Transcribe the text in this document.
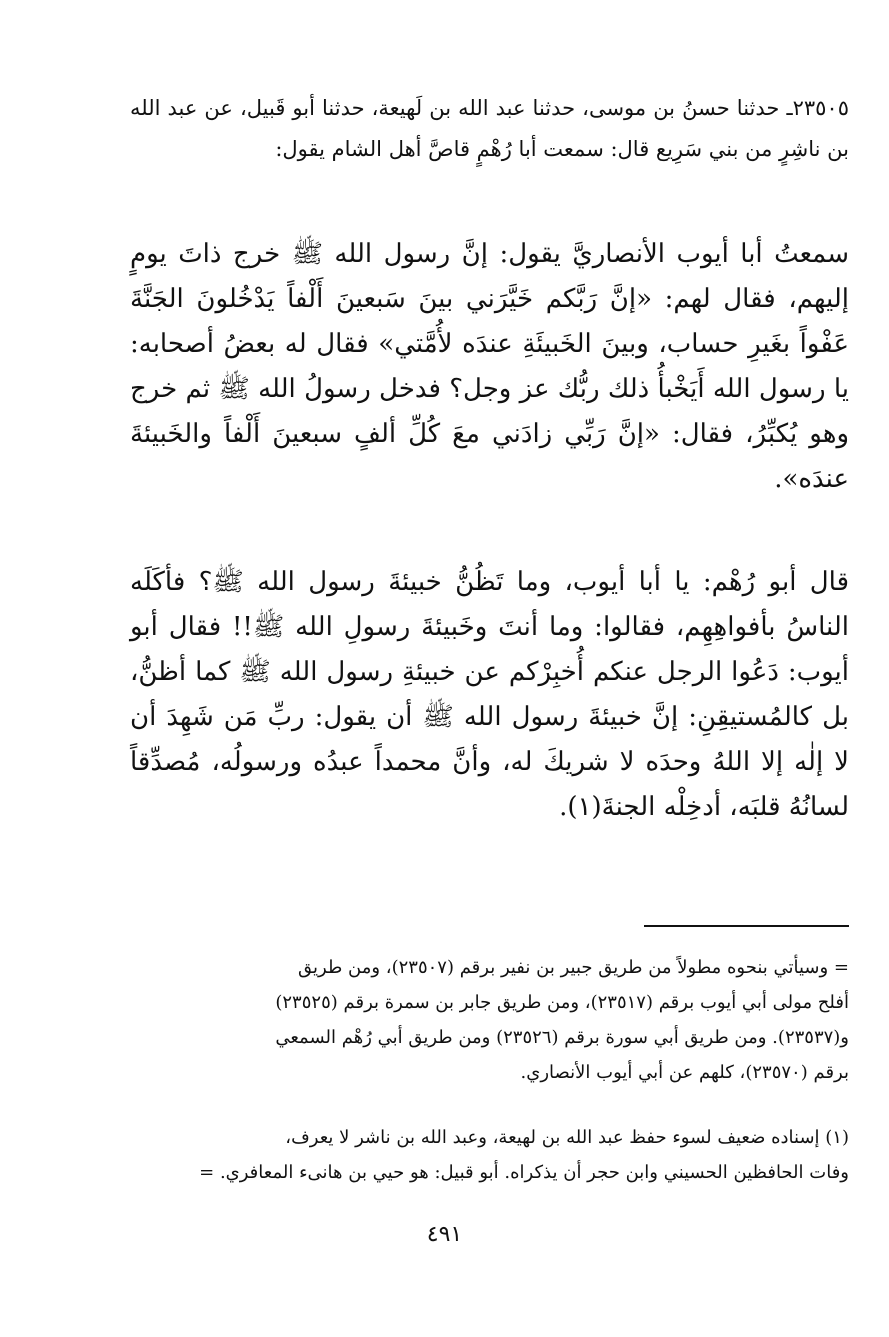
٢٣٥٠٥ـ حدثنا حسنُ بن موسى، حدثنا عبد الله بن لَهيعة، حدثنا أبو قَبيل، عن عبد الله بن ناشِرٍ من بني سَرِيع قال: سمعت أبا رُهْمٍ قاصَّ أهل الشام يقول:

سمعتُ أبا أيوب الأنصاريَّ يقول: إنَّ رسول الله ﷺ خرج ذاتَ يومٍ إليهم، فقال لهم: «إنَّ رَبَّكم خَيَّرَني بينَ سَبعينَ أَلْفاً يَدْخُلونَ الجَنَّةَ عَفْواً بغَيرِ حساب، وبينَ الخَبيئَةِ عندَه لأُمَّتي» فقال له بعضُ أصحابه: يا رسول الله أَيَخْبأُ ذلك ربُّك عز وجل؟ فدخل رسولُ الله ﷺ ثم خرج وهو يُكبِّرُ، فقال: «إنَّ رَبِّي زادَني معَ كُلِّ ألفٍ سبعينَ أَلْفاً والخَبيئةَ عندَه».

قال أبو رُهْم: يا أبا أيوب، وما تَظُنُّ خبيئةَ رسول الله ﷺ؟ فأكَلَه الناسُ بأفواهِهِم، فقالوا: وما أنتَ وخَبيئةَ رسولِ الله ﷺ!! فقال أبو أيوب: دَعُوا الرجل عنكم أُخبِرْكم عن خبيئةِ رسول الله ﷺ كما أظنُّ، بل كالمُستيقِنِ: إنَّ خبيئةَ رسول الله ﷺ أن يقول: ربِّ مَن شَهِدَ أن لا إلٰه إلا اللهُ وحدَه لا شريكَ له، وأنَّ محمداً عبدُه ورسولُه، مُصدِّقاً لسانُهُ قلبَه، أدخِلْه الجنةَ(١).

= وسيأتي بنحوه مطولاً من طريق جبير بن نفير برقم (٢٣٥٠٧)، ومن طريق
أفلح مولى أبي أيوب برقم (٢٣٥١٧)، ومن طريق جابر بن سمرة برقم (٢٣٥٢٥)
و(٢٣٥٣٧). ومن طريق أبي سورة برقم (٢٣٥٢٦) ومن طريق أبي رُهْم السمعي
برقم (٢٣٥٧٠)، كلهم عن أبي أيوب الأنصاري.

(١) إسناده ضعيف لسوء حفظ عبد الله بن لهيعة، وعبد الله بن ناشر لا يعرف،
وفات الحافظين الحسيني وابن حجر أن يذكراه. أبو قبيل: هو حيي بن هانىء المعافري. =

٤٩١
